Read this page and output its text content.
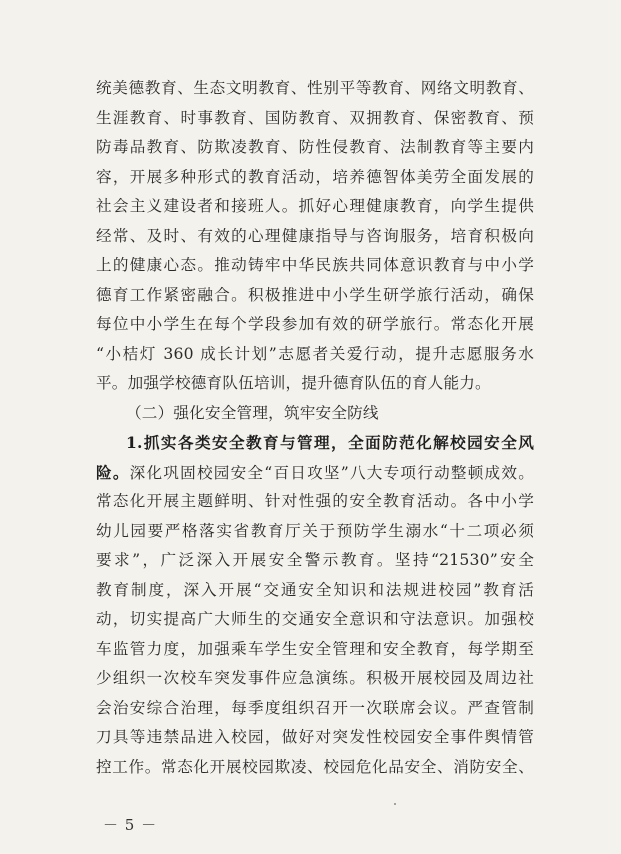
统美德教育、生态文明教育、性别平等教育、网络文明教育、
生涯教育、时事教育、国防教育、双拥教育、保密教育、预
防毒品教育、防欺凌教育、防性侵教育、法制教育等主要内
容，开展多种形式的教育活动，培养德智体美劳全面发展的
社会主义建设者和接班人。抓好心理健康教育，向学生提供
经常、及时、有效的心理健康指导与咨询服务，培育积极向
上的健康心态。推动铸牢中华民族共同体意识教育与中小学
德育工作紧密融合。积极推进中小学生研学旅行活动，确保
每位中小学生在每个学段参加有效的研学旅行。常态化开展
“小桔灯 360 成长计划”志愿者关爱行动，提升志愿服务水
平。加强学校德育队伍培训，提升德育队伍的育人能力。
（二）强化安全管理，筑牢安全防线
1.抓实各类安全教育与管理，全面防范化解校园安全风
险。深化巩固校园安全“百日攻坚”八大专项行动整顿成效。
常态化开展主题鲜明、针对性强的安全教育活动。各中小学
幼儿园要严格落实省教育厅关于预防学生溺水“十二项必须
要求”，广泛深入开展安全警示教育。坚持“21530”安全
教育制度，深入开展“交通安全知识和法规进校园”教育活
动，切实提高广大师生的交通安全意识和守法意识。加强校
车监管力度，加强乘车学生安全管理和安全教育，每学期至
少组织一次校车突发事件应急演练。积极开展校园及周边社
会治安综合治理，每季度组织召开一次联席会议。严查管制
刀具等违禁品进入校园，做好对突发性校园安全事件舆情管
控工作。常态化开展校园欺凌、校园危化品安全、消防安全、
－ 5 －
